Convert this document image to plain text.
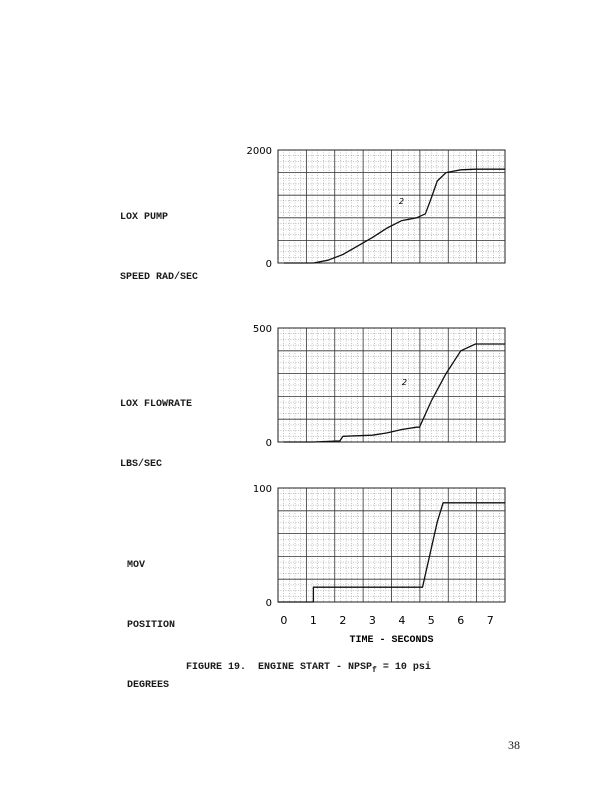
LOX PUMP

SPEED RAD/SEC

LOX FLOWRATE

LBS/SEC

MOV

POSITION

DEGREES

2000
0
2
500
0
2
100
0
0 1 2 3 4 5 6 7
TIME - SECONDS
FIGURE 19.  ENGINE START - $NPSP_f = 10$ psi
38
